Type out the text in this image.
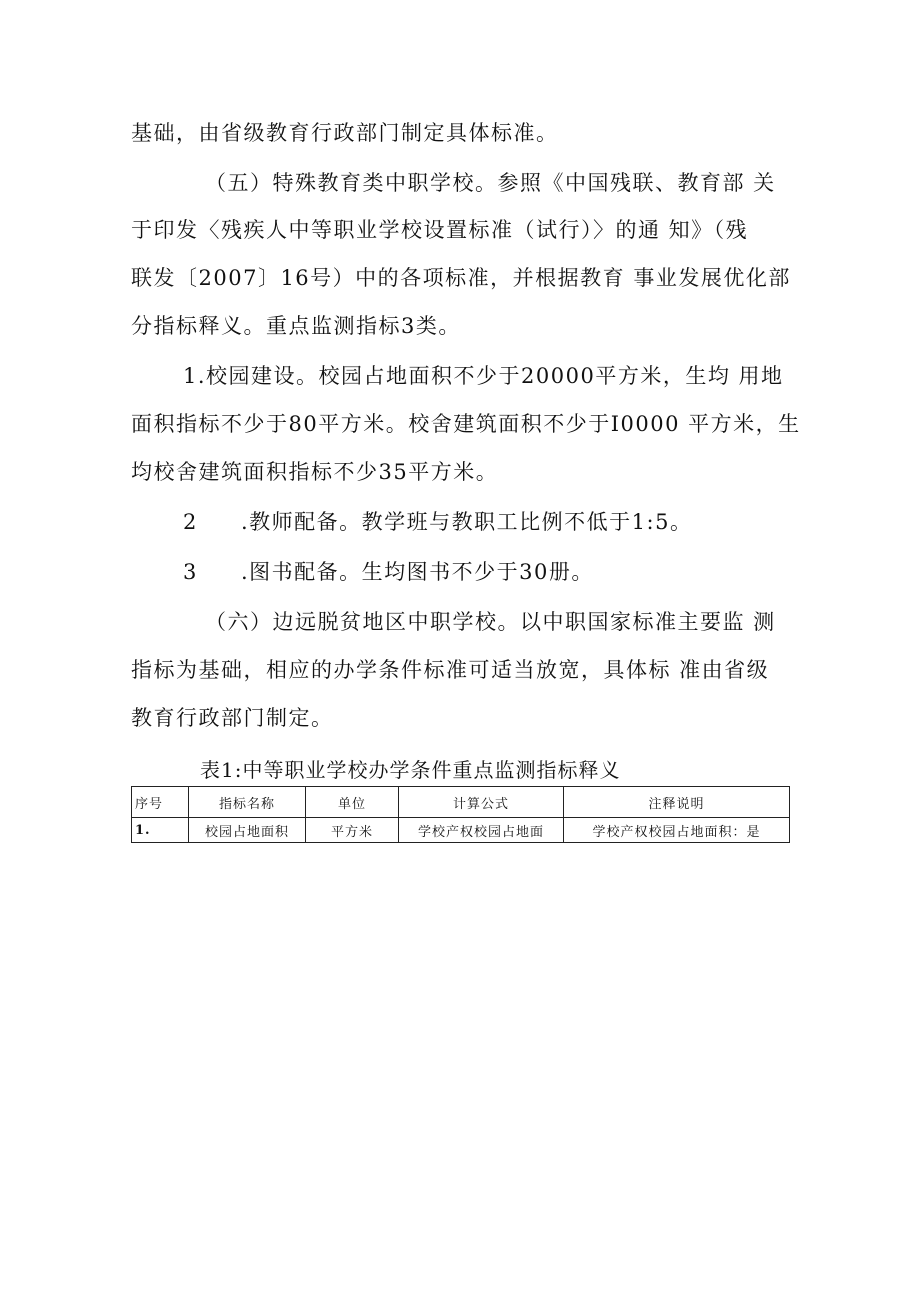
基础，由省级教育行政部门制定具体标准。
（五）特殊教育类中职学校。参照《中国残联、教育部 关
于印发〈残疾人中等职业学校设置标准（试行）〉的通 知》（残
联发〔2007〕16号）中的各项标准，并根据教育 事业发展优化部
分指标释义。重点监测指标3类。
1.校园建设。校园占地面积不少于20000平方米，生均 用地
面积指标不少于80平方米。校舍建筑面积不少于I0000 平方米，生
均校舍建筑面积指标不少35平方米。
2 .教师配备。教学班与教职工比例不低于1:5。
3 .图书配备。生均图书不少于30册。
（六）边远脱贫地区中职学校。以中职国家标准主要监 测
指标为基础，相应的办学条件标准可适当放宽，具体标 准由省级
教育行政部门制定。
表1:中等职业学校办学条件重点监测指标释义
序号	指标名称	单位	计算公式	注释说明
1.	校园占地面积	平方米	学校产权校园占地面	学校产权校园占地面积：是
